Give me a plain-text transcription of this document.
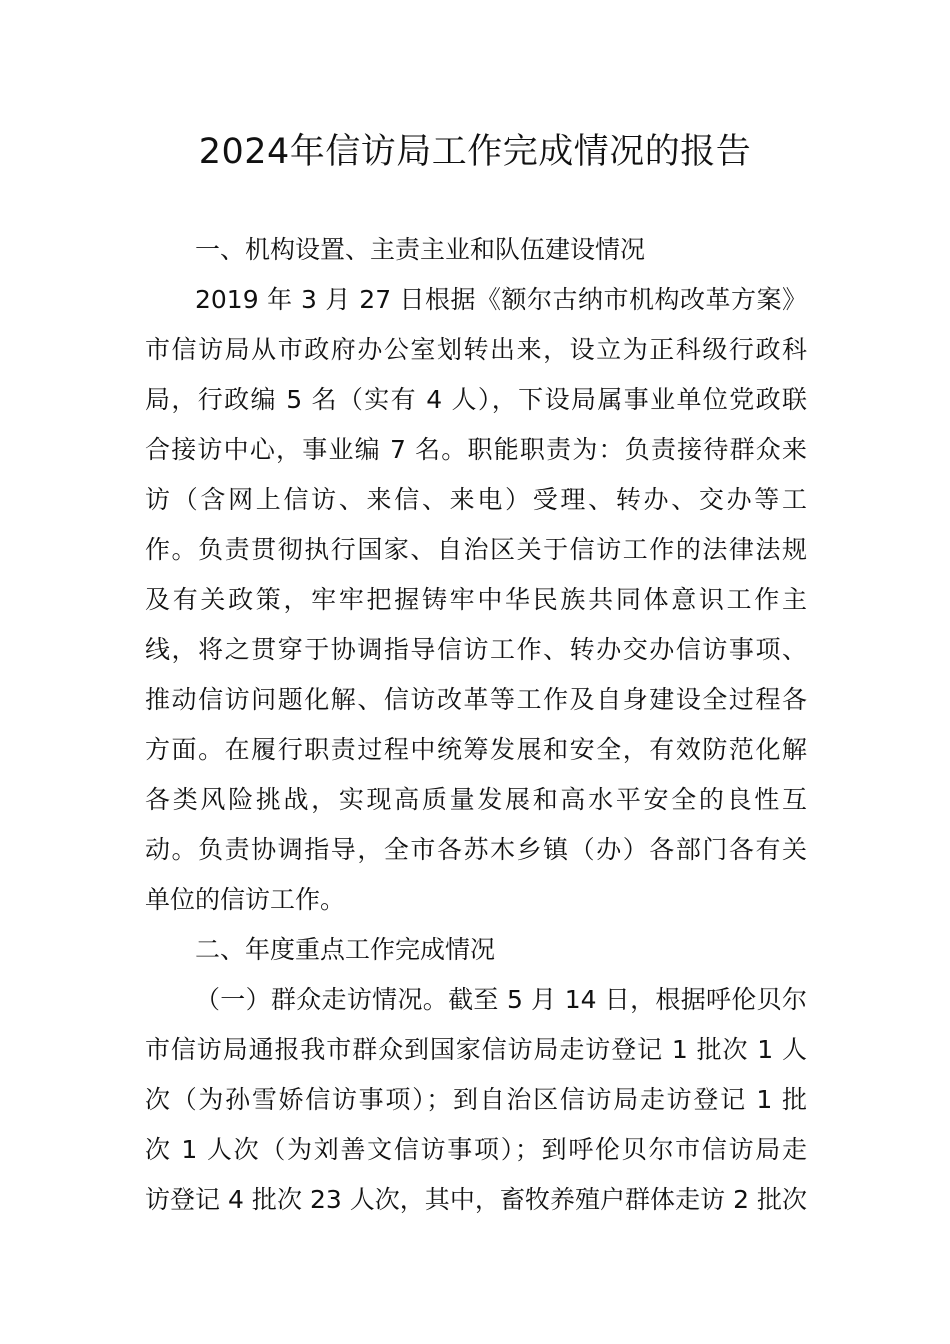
2024年信访局工作完成情况的报告
一、机构设置、主责主业和队伍建设情况
2019 年 3 月 27 日根据《额尔古纳市机构改革方案》
市信访局从市政府办公室划转出来，设立为正科级行政科
局，行政编 5 名（实有 4 人），下设局属事业单位党政联
合接访中心，事业编 7 名。职能职责为：负责接待群众来
访（含网上信访、来信、来电）受理、转办、交办等工
作。负责贯彻执行国家、自治区关于信访工作的法律法规
及有关政策，牢牢把握铸牢中华民族共同体意识工作主
线，将之贯穿于协调指导信访工作、转办交办信访事项、
推动信访问题化解、信访改革等工作及自身建设全过程各
方面。在履行职责过程中统筹发展和安全，有效防范化解
各类风险挑战，实现高质量发展和高水平安全的良性互
动。负责协调指导，全市各苏木乡镇（办）各部门各有关
单位的信访工作。
二、年度重点工作完成情况
（一）群众走访情况。截至 5 月 14 日，根据呼伦贝尔
市信访局通报我市群众到国家信访局走访登记 1 批次 1 人
次（为孙雪娇信访事项）；到自治区信访局走访登记 1 批
次 1 人次（为刘善文信访事项）；到呼伦贝尔市信访局走
访登记 4 批次 23 人次，其中，畜牧养殖户群体走访 2 批次
